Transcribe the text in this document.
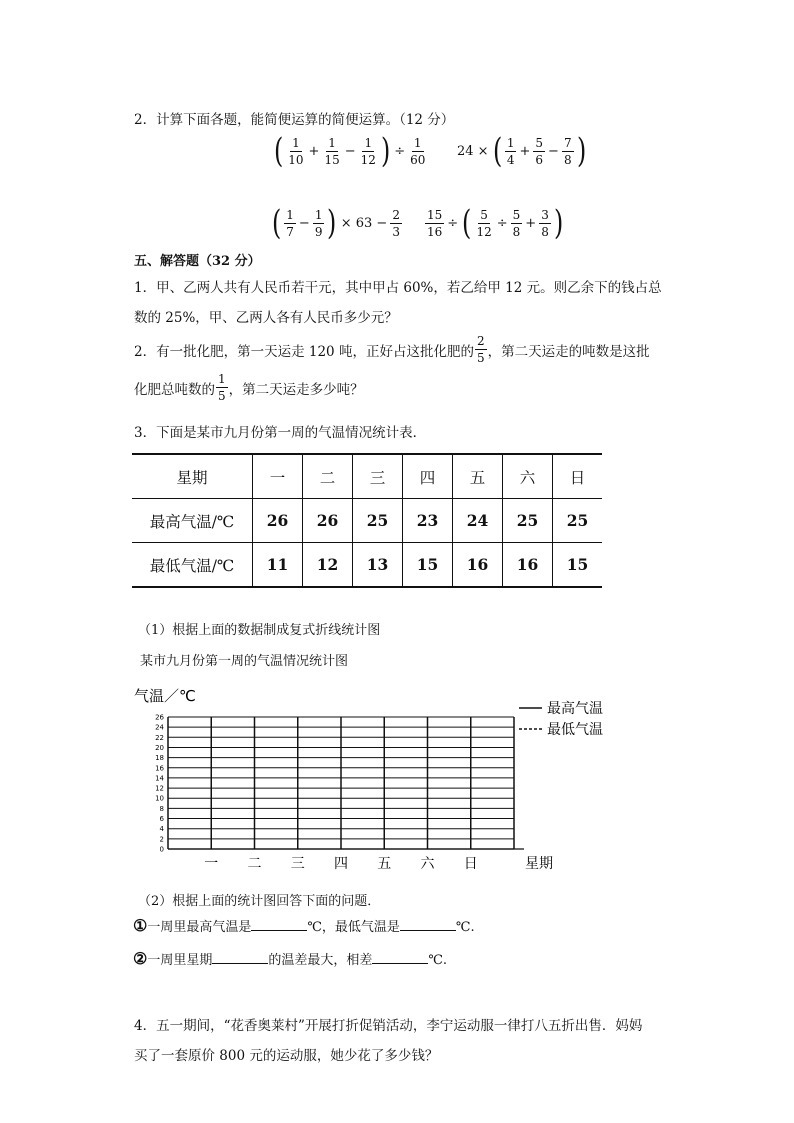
2．计算下面各题，能简便运算的简便运算。（12 分）
( $\frac{1}{10} + \frac{1}{15} - \frac{1}{12}$ ) ÷ $\frac{1}{60} 24$ × ( $\frac{1}{4} + \frac{5}{6} - \frac{7}{8}$ )
( $\frac{1}{7} - \frac{1}{9}$ ) × $63 - \frac{2}{3} \frac{15}{16}$ ÷ ( $\frac{5}{12} \div \frac{5}{8} + \frac{3}{8}$ )
五、解答题（32 分）
1．甲、乙两人共有人民币若干元，其中甲占 60%，若乙给甲 12 元。则乙余下的钱占总
数的 25%，甲、乙两人各有人民币多少元？
2．有一批化肥，第一天运走 120 吨，正好占这批化肥的 $\frac{2}{5}$ ，第二天运走的吨数是这批
化肥总吨数的 $\frac{1}{5}$ ，第二天运走多少吨？
3．下面是某市九月份第一周的气温情况统计表．
星期	一	二	三	四	五	六	日
最高气温/℃	26	26	25	23	24	25	25
最低气温/℃	11	12	13	15	16	16	15
（1）根据上面的数据制成复式折线统计图
某市九月份第一周的气温情况统计图
气温／℃
0
2
4
6
8
10
12
14
16
18
20
22
24
26
一 二 三 四 五 六 日	星期
最高气温
最低气温
（2）根据上面的统计图回答下面的问题．
① 一周里最高气温是	℃，最低气温是	℃.
② 一周里星期	的温差最大，相差	℃.
4．五一期间，“花香奥莱村”开展打折促销活动，李宁运动服一律打八五折出售．妈妈
买了一套原价 800 元的运动服，她少花了多少钱？
